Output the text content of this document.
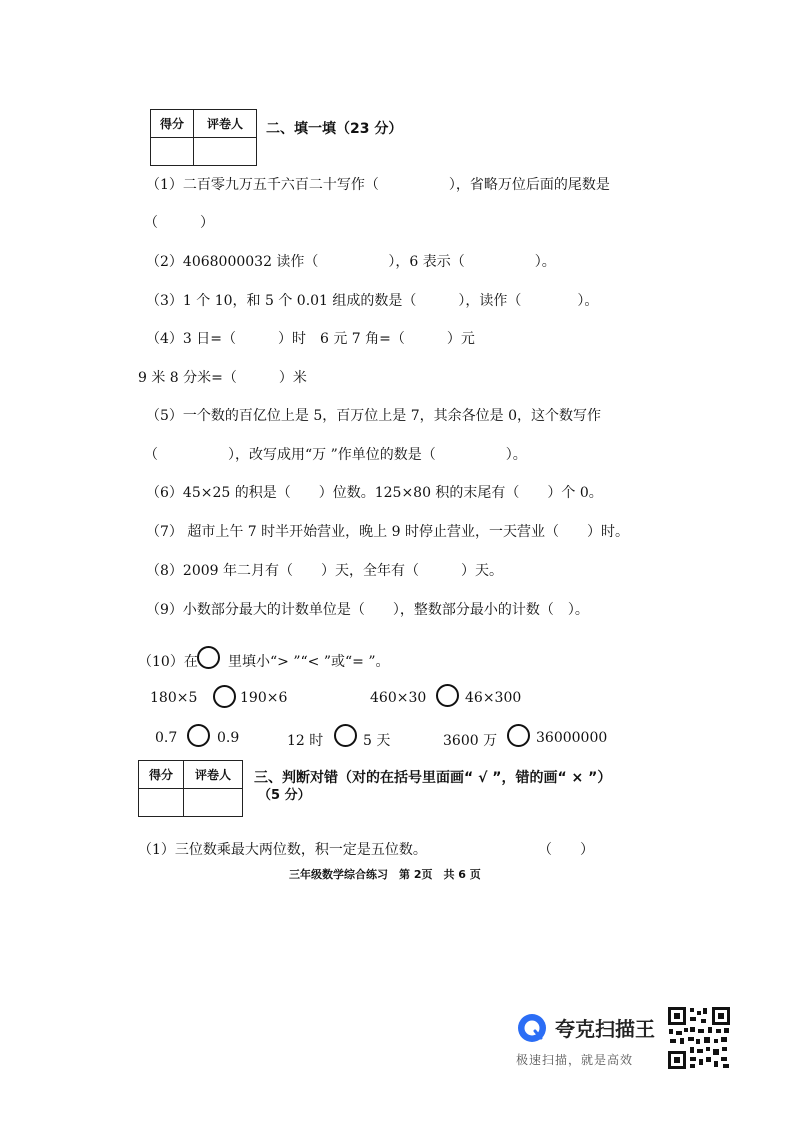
得分	评卷人
	二、填一填（23 分）
（1）二百零九万五千六百二十写作（　　　　　），省略万位后面的尾数是
（　　　）
（2）4068000032 读作（　　　　　），6 表示（　　　　　）。
（3）1 个 10，和 5 个 0.01 组成的数是（　　　），读作（　　　　）。
（4）3 日=（　　　）时　6 元 7 角=（　　　）元
9 米 8 分米=（　　　）米
（5）一个数的百亿位上是 5，百万位上是 7，其余各位是 0，这个数写作
（　　　　　），改写成用“万 ”作单位的数是（　　　　　）。
（6）45×25 的积是（　　）位数。125×80 积的末尾有（　　）个 0。
（7） 超市上午 7 时半开始营业，晚上 9 时停止营业，一天营业（　　）时。
（8）2009 年二月有（　　）天，全年有（　　　）天。
（9）小数部分最大的计数单位是（　　），整数部分最小的计数（　）。
（10）在 里填小“> ”“< ”或“= ”。
180×5	190×6	460×30	46×300
0.7	0.9	12 时	5 天	3600 万	36000000
得分	评卷人
	三、判断对错（对的在括号里面画“ √ ”，错的画“ × ”）
（5 分）
（1）三位数乘最大两位数，积一定是五位数。	（　　）
三年级数学综合练习　第 2页　共 6 页
夸克扫描王
极速扫描，就是高效
